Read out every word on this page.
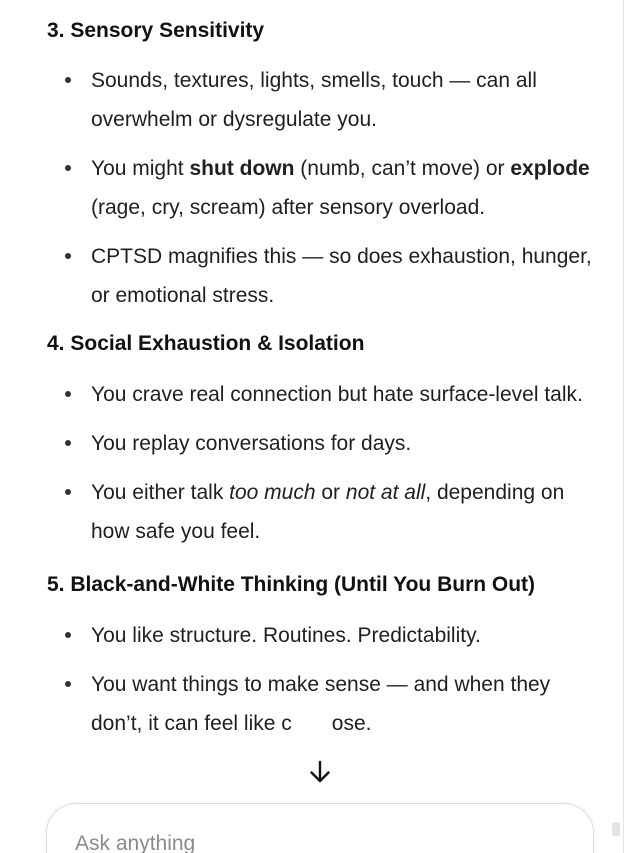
3. Sensory Sensitivity
Sounds, textures, lights, smells, touch — can all overwhelm or dysregulate you.
You might shut down (numb, can’t move) or explode (rage, cry, scream) after sensory overload.
CPTSD magnifies this — so does exhaustion, hunger, or emotional stress.
4. Social Exhaustion & Isolation
You crave real connection but hate surface-level talk.
You replay conversations for days.
You either talk too much or not at all, depending on how safe you feel.
5. Black-and-White Thinking (Until You Burn Out)
You like structure. Routines. Predictability.
You want things to make sense — and when they don’t, it can feel like c ose.
Ask anything
